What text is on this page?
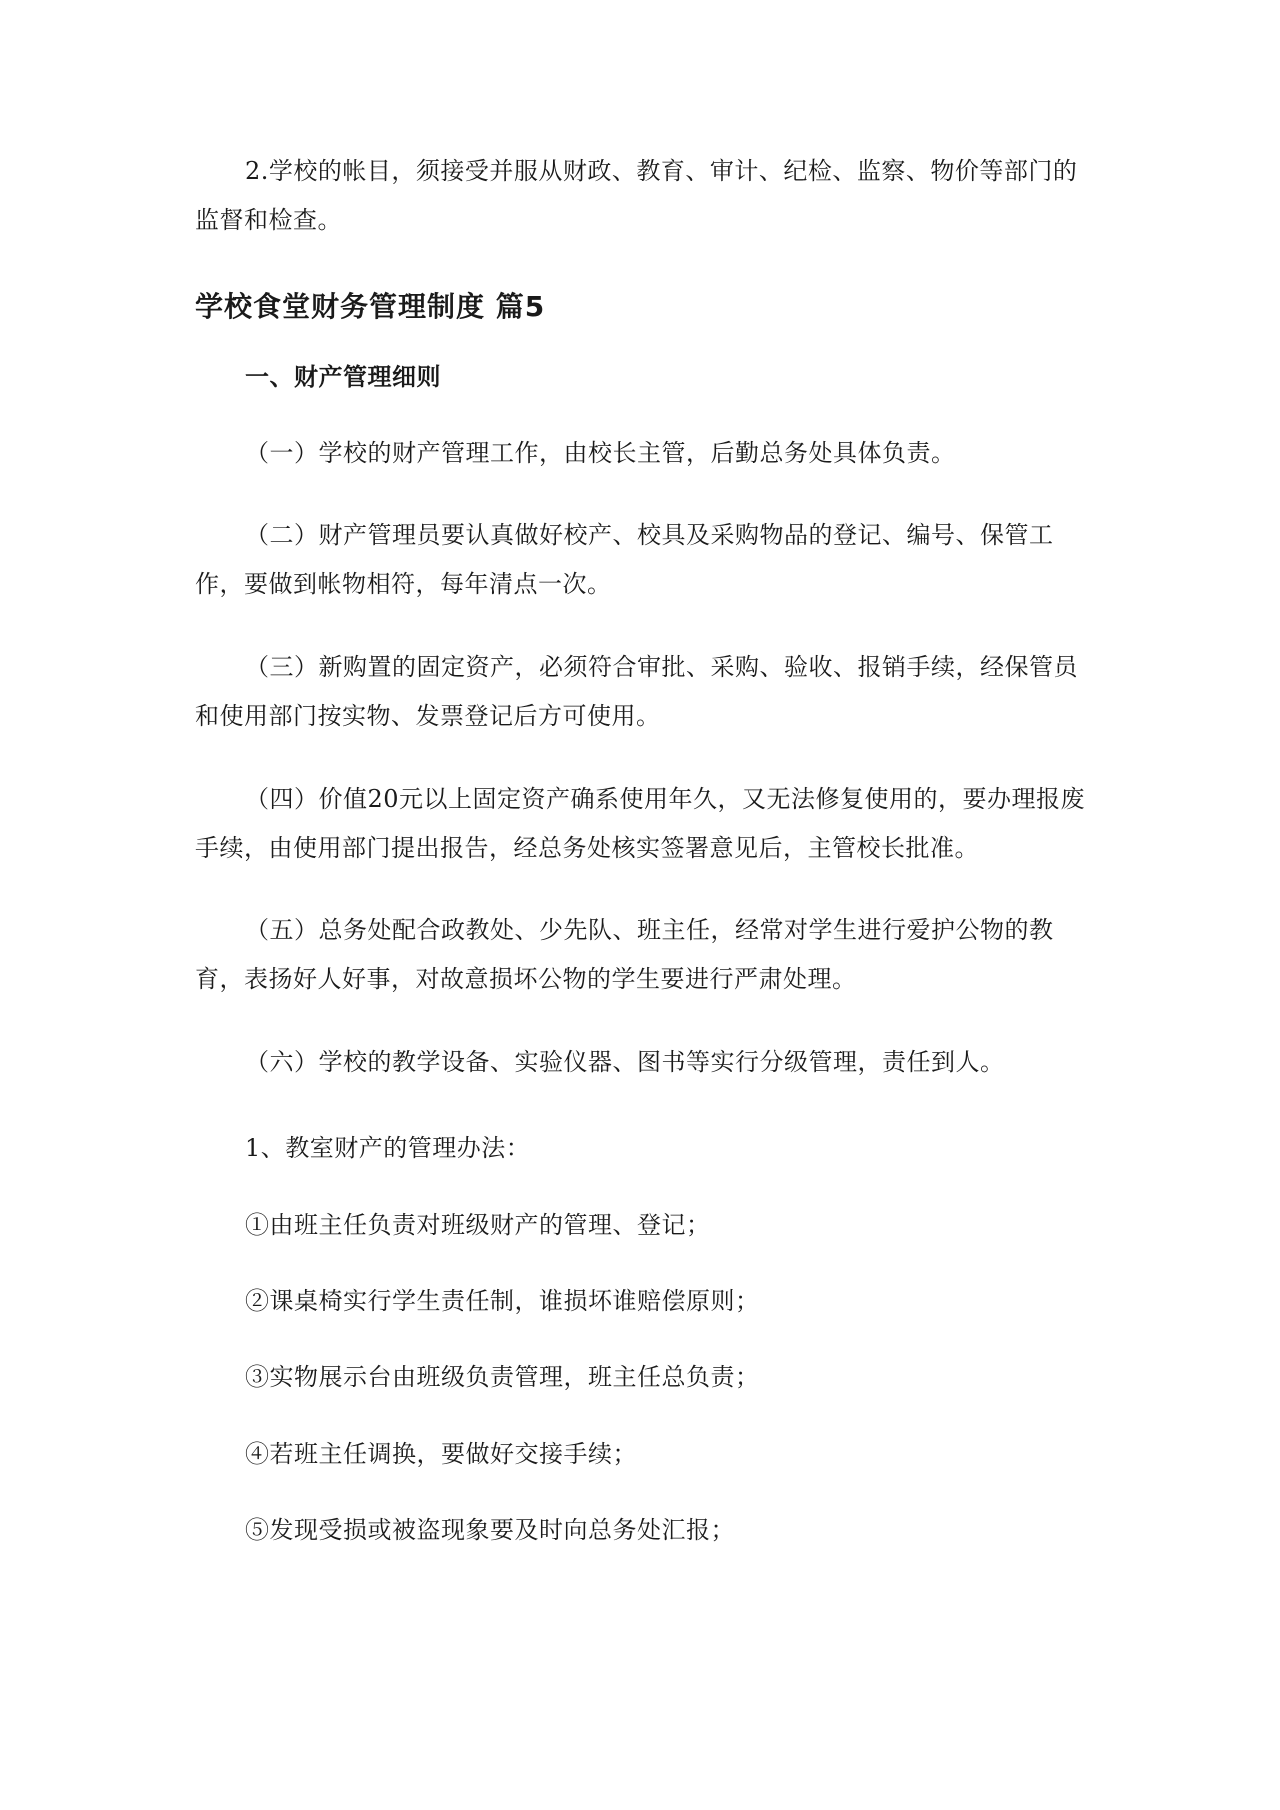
2.学校的帐目，须接受并服从财政、教育、审计、纪检、监察、物价等部门的监督和检查。

学校食堂财务管理制度 篇5
一、财产管理细则

（一）学校的财产管理工作，由校长主管，后勤总务处具体负责。

（二）财产管理员要认真做好校产、校具及采购物品的登记、编号、保管工作，要做到帐物相符，每年清点一次。

（三）新购置的固定资产，必须符合审批、采购、验收、报销手续，经保管员和使用部门按实物、发票登记后方可使用。

（四）价值20元以上固定资产确系使用年久，又无法修复使用的，要办理报废手续，由使用部门提出报告，经总务处核实签署意见后，主管校长批准。

（五）总务处配合政教处、少先队、班主任，经常对学生进行爱护公物的教育，表扬好人好事，对故意损坏公物的学生要进行严肃处理。

（六）学校的教学设备、实验仪器、图书等实行分级管理，责任到人。

1、教室财产的管理办法：

①由班主任负责对班级财产的管理、登记；

②课桌椅实行学生责任制，谁损坏谁赔偿原则；

③实物展示台由班级负责管理，班主任总负责；

④若班主任调换，要做好交接手续；

⑤发现受损或被盗现象要及时向总务处汇报；
